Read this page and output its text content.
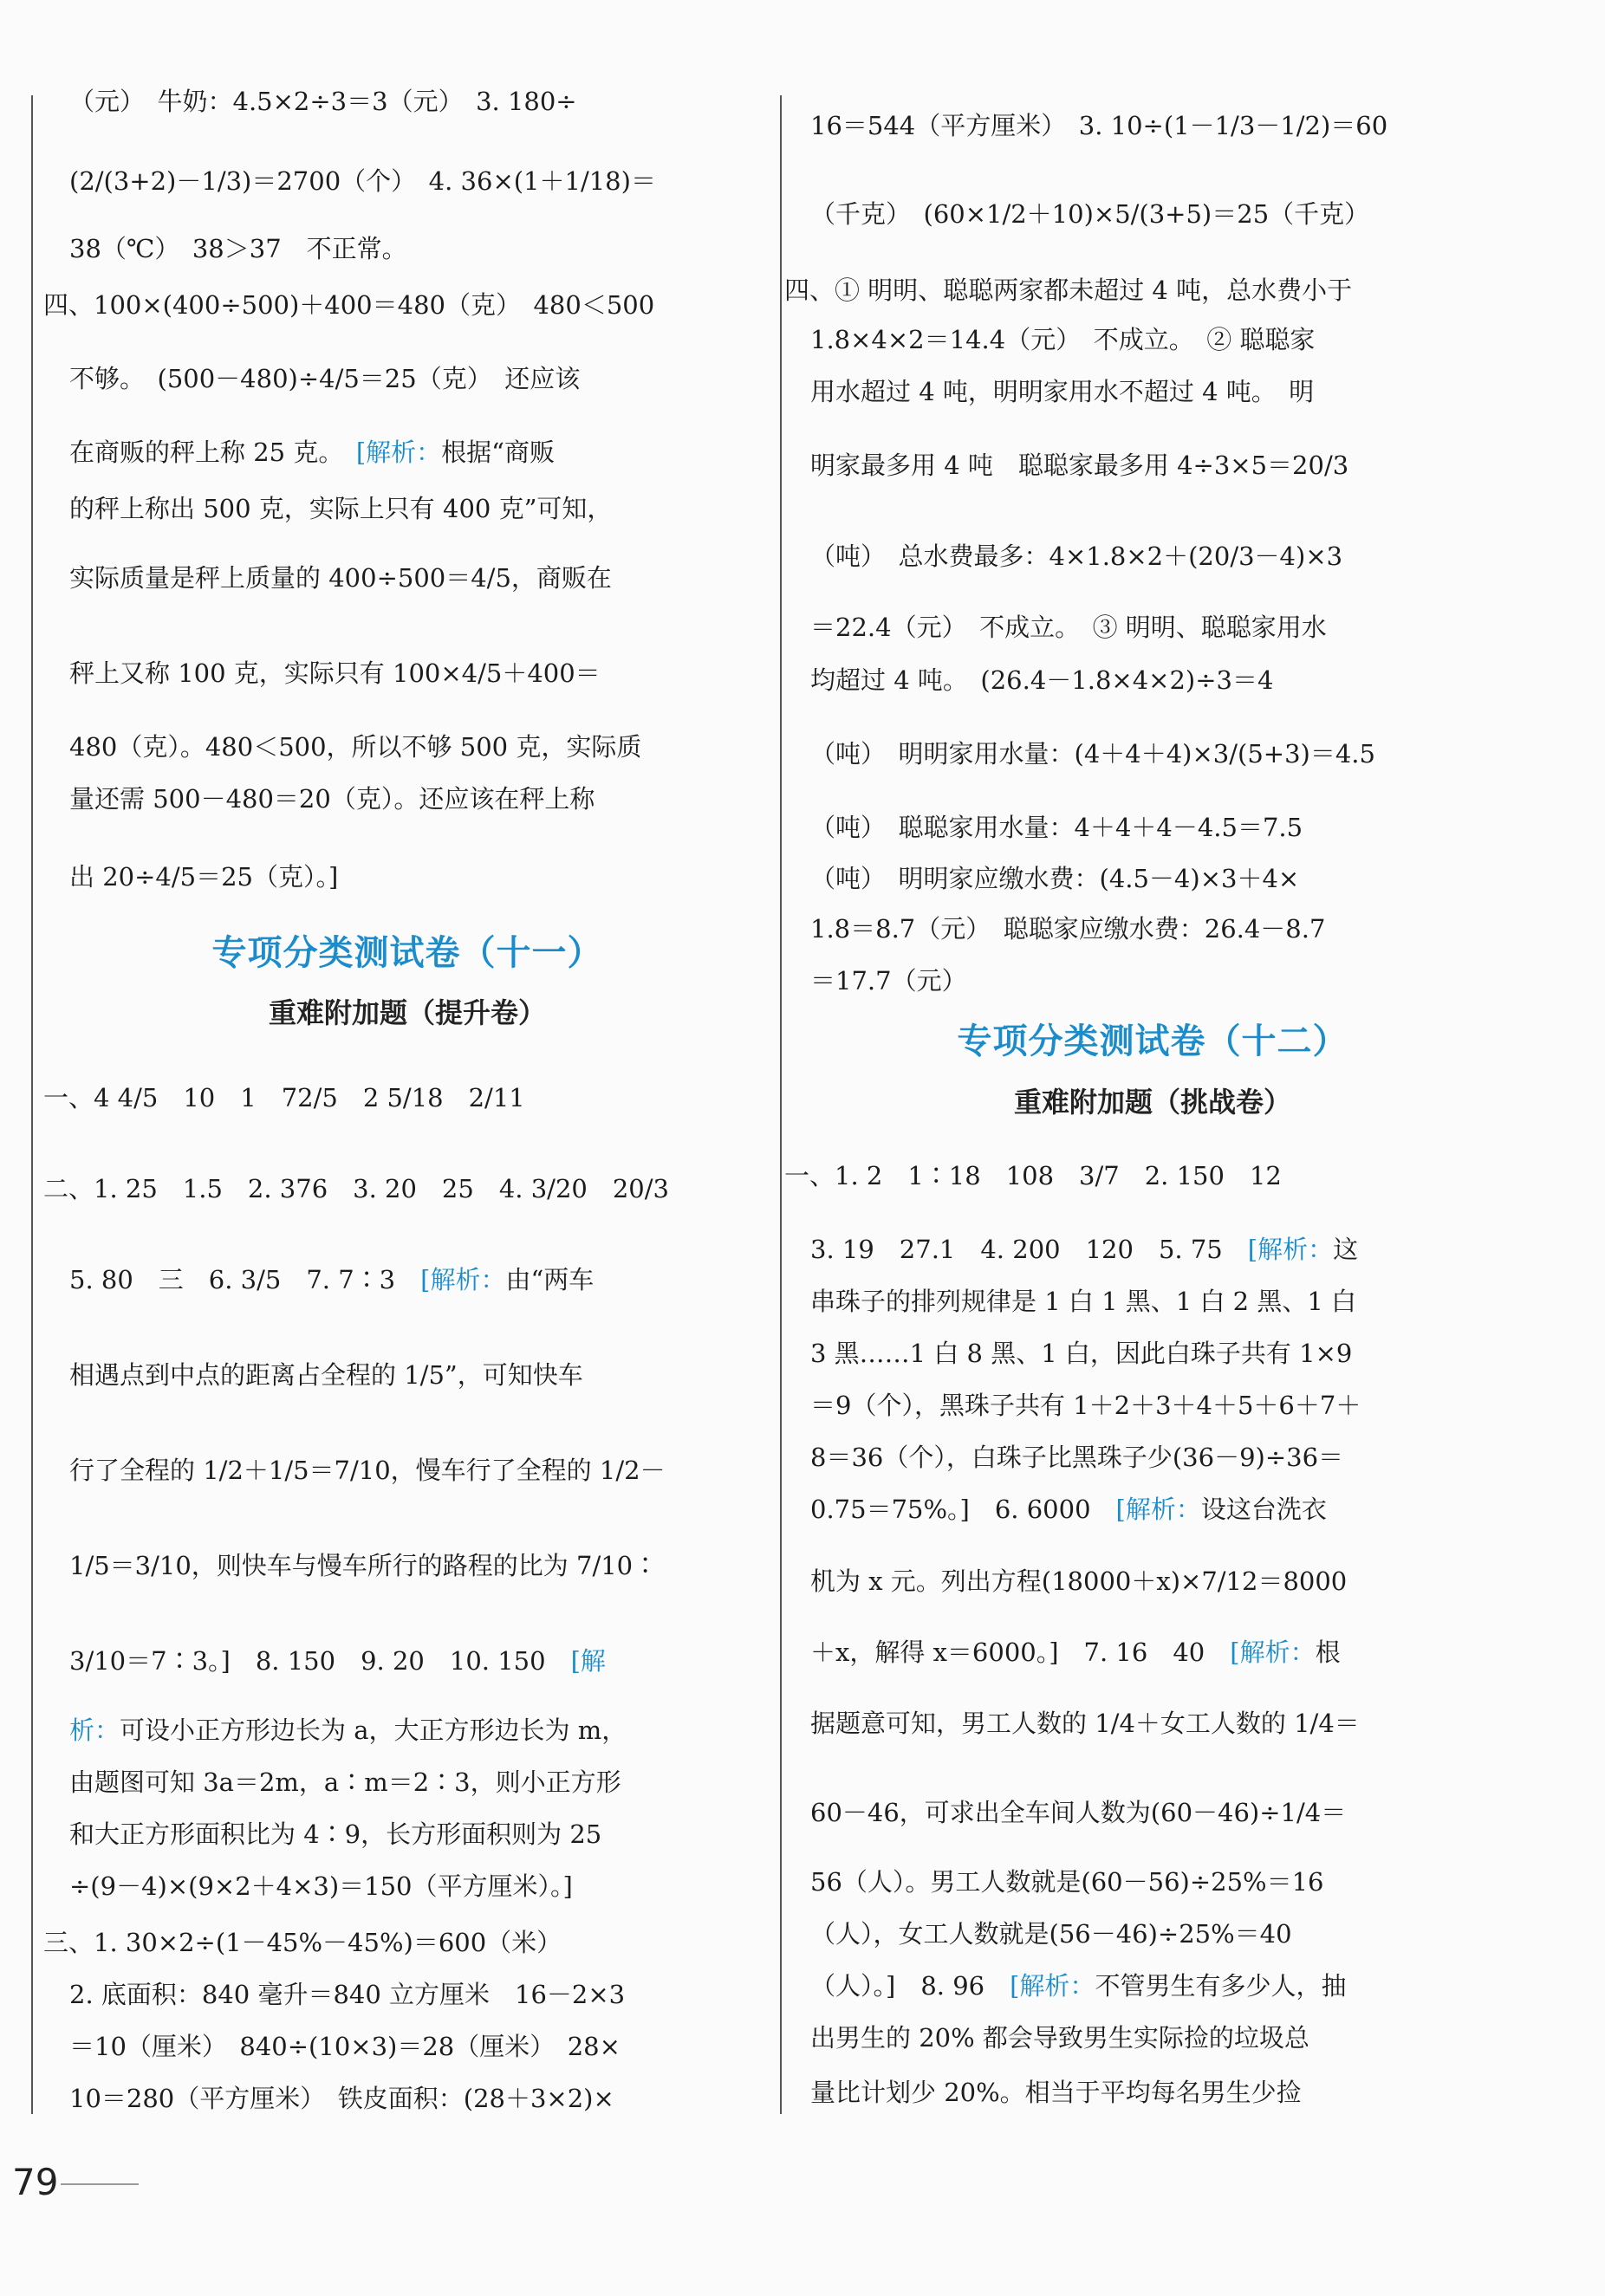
（元）　牛奶：4.5×2÷3＝3（元）　3. 180÷
(2/(3+2)－1/3)＝2700（个）　4. 36×(1＋1/18)＝
38（℃）　38＞37　不正常。
四、100×(400÷500)＋400＝480（克）　480＜500
不够。　(500－480)÷4/5＝25（克）　还应该
在商贩的秤上称 25 克。　[解析：根据“商贩
的秤上称出 500 克，实际上只有 400 克”可知，
实际质量是秤上质量的 400÷500＝4/5，商贩在
秤上又称 100 克，实际只有 100×4/5＋400＝
480（克）。480＜500，所以不够 500 克，实际质
量还需 500－480＝20（克）。还应该在秤上称
出 20÷4/5＝25（克）。]
专项分类测试卷（十一）
重难附加题（提升卷）
一、4 4/5　10　1　72/5　2 5/18　2/11
二、1. 25　1.5　2. 376　3. 20　25　4. 3/20　20/3
5. 80　三　6. 3/5　7. 7∶3　[解析：由“两车
相遇点到中点的距离占全程的 1/5”，可知快车
行了全程的 1/2＋1/5＝7/10，慢车行了全程的 1/2－
1/5＝3/10，则快车与慢车所行的路程的比为 7/10∶
3/10＝7∶3。]　8. 150　9. 20　10. 150　[解
析：可设小正方形边长为 a，大正方形边长为 m，
由题图可知 3a＝2m，a∶m＝2∶3，则小正方形
和大正方形面积比为 4∶9，长方形面积则为 25
÷(9－4)×(9×2＋4×3)＝150（平方厘米）。]
三、1. 30×2÷(1－45%－45%)＝600（米）
2. 底面积：840 毫升＝840 立方厘米　16－2×3
＝10（厘米）　840÷(10×3)＝28（厘米）　28×
10＝280（平方厘米）　铁皮面积：(28＋3×2)×
16＝544（平方厘米）　3. 10÷(1－1/3－1/2)＝60
（千克）　(60×1/2＋10)×5/(3+5)＝25（千克）
四、① 明明、聪聪两家都未超过 4 吨，总水费小于
1.8×4×2＝14.4（元）　不成立。　② 聪聪家
用水超过 4 吨，明明家用水不超过 4 吨。　明
明家最多用 4 吨　聪聪家最多用 4÷3×5＝20/3
（吨）　总水费最多：4×1.8×2＋(20/3－4)×3
＝22.4（元）　不成立。　③ 明明、聪聪家用水
均超过 4 吨。　(26.4－1.8×4×2)÷3＝4
（吨）　明明家用水量：(4＋4＋4)×3/(5+3)＝4.5
（吨）　聪聪家用水量：4＋4＋4－4.5＝7.5
（吨）　明明家应缴水费：(4.5－4)×3＋4×
1.8＝8.7（元）　聪聪家应缴水费：26.4－8.7
＝17.7（元）
专项分类测试卷（十二）
重难附加题（挑战卷）
一、1. 2　1∶18　108　3/7　2. 150　12
3. 19　27.1　4. 200　120　5. 75　[解析：这
串珠子的排列规律是 1 白 1 黑、1 白 2 黑、1 白
3 黑……1 白 8 黑、1 白，因此白珠子共有 1×9
＝9（个），黑珠子共有 1＋2＋3＋4＋5＋6＋7＋
8＝36（个），白珠子比黑珠子少(36－9)÷36＝
0.75＝75%。]　6. 6000　[解析：设这台洗衣
机为 x 元。列出方程(18000＋x)×7/12＝8000
＋x，解得 x＝6000。]　7. 16　40　[解析：根
据题意可知，男工人数的 1/4＋女工人数的 1/4＝
60－46，可求出全车间人数为(60－46)÷1/4＝
56（人）。男工人数就是(60－56)÷25%＝16
（人），女工人数就是(56－46)÷25%＝40
（人）。]　8. 96　[解析：不管男生有多少人，抽
出男生的 20% 都会导致男生实际捡的垃圾总
量比计划少 20%。相当于平均每名男生少捡
79
